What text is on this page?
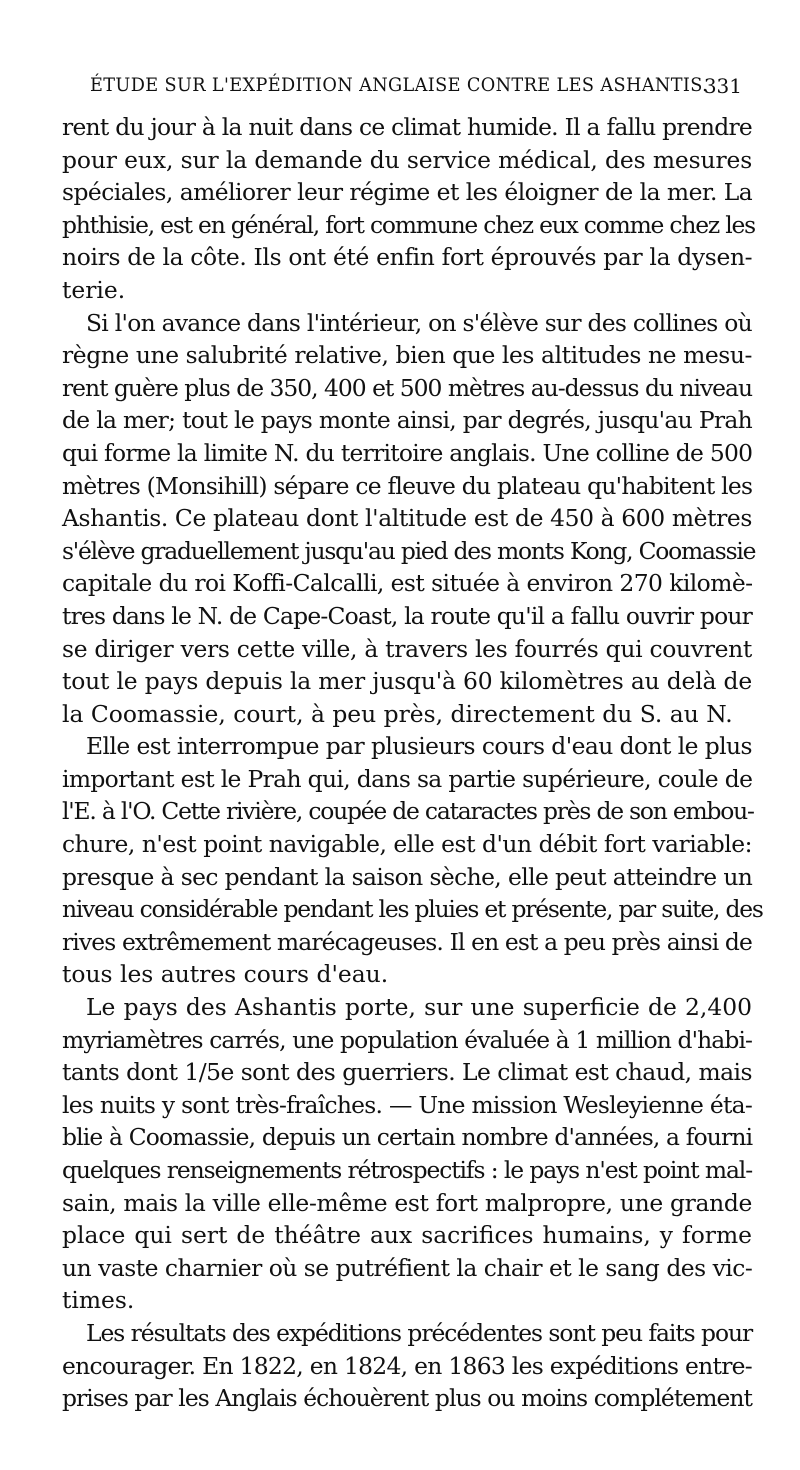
ÉTUDE SUR L'EXPÉDITION ANGLAISE CONTRE LES ASHANTIS.
331
rent du jour à la nuit dans ce climat humide. Il a fallu prendre
pour eux, sur la demande du service médical, des mesures
spéciales, améliorer leur régime et les éloigner de la mer. La
phthisie, est en général, fort commune chez eux comme chez les
noirs de la côte. Ils ont été enfin fort éprouvés par la dysen-
terie.
Si l'on avance dans l'intérieur, on s'élève sur des collines où
règne une salubrité relative, bien que les altitudes ne mesu-
rent guère plus de 350, 400 et 500 mètres au-dessus du niveau
de la mer; tout le pays monte ainsi, par degrés, jusqu'au Prah
qui forme la limite N. du territoire anglais. Une colline de 500
mètres (Monsihill) sépare ce fleuve du plateau qu'habitent les
Ashantis. Ce plateau dont l'altitude est de 450 à 600 mètres
s'élève graduellement jusqu'au pied des monts Kong, Coomassie
capitale du roi Koffi-Calcalli, est située à environ 270 kilomè-
tres dans le N. de Cape-Coast, la route qu'il a fallu ouvrir pour
se diriger vers cette ville, à travers les fourrés qui couvrent
tout le pays depuis la mer jusqu'à 60 kilomètres au delà de
la Coomassie, court, à peu près, directement du S. au N.
Elle est interrompue par plusieurs cours d'eau dont le plus
important est le Prah qui, dans sa partie supérieure, coule de
l'E. à l'O. Cette rivière, coupée de cataractes près de son embou-
chure, n'est point navigable, elle est d'un débit fort variable:
presque à sec pendant la saison sèche, elle peut atteindre un
niveau considérable pendant les pluies et présente, par suite, des
rives extrêmement marécageuses. Il en est a peu près ainsi de
tous les autres cours d'eau.
Le pays des Ashantis porte, sur une superficie de 2,400
myriamètres carrés, une population évaluée à 1 million d'habi-
tants dont 1/5e sont des guerriers. Le climat est chaud, mais
les nuits y sont très-fraîches. — Une mission Wesleyienne éta-
blie à Coomassie, depuis un certain nombre d'années, a fourni
quelques renseignements rétrospectifs : le pays n'est point mal-
sain, mais la ville elle-même est fort malpropre, une grande
place qui sert de théâtre aux sacrifices humains, y forme
un vaste charnier où se putréfient la chair et le sang des vic-
times.
Les résultats des expéditions précédentes sont peu faits pour
encourager. En 1822, en 1824, en 1863 les expéditions entre-
prises par les Anglais échouèrent plus ou moins complétement
